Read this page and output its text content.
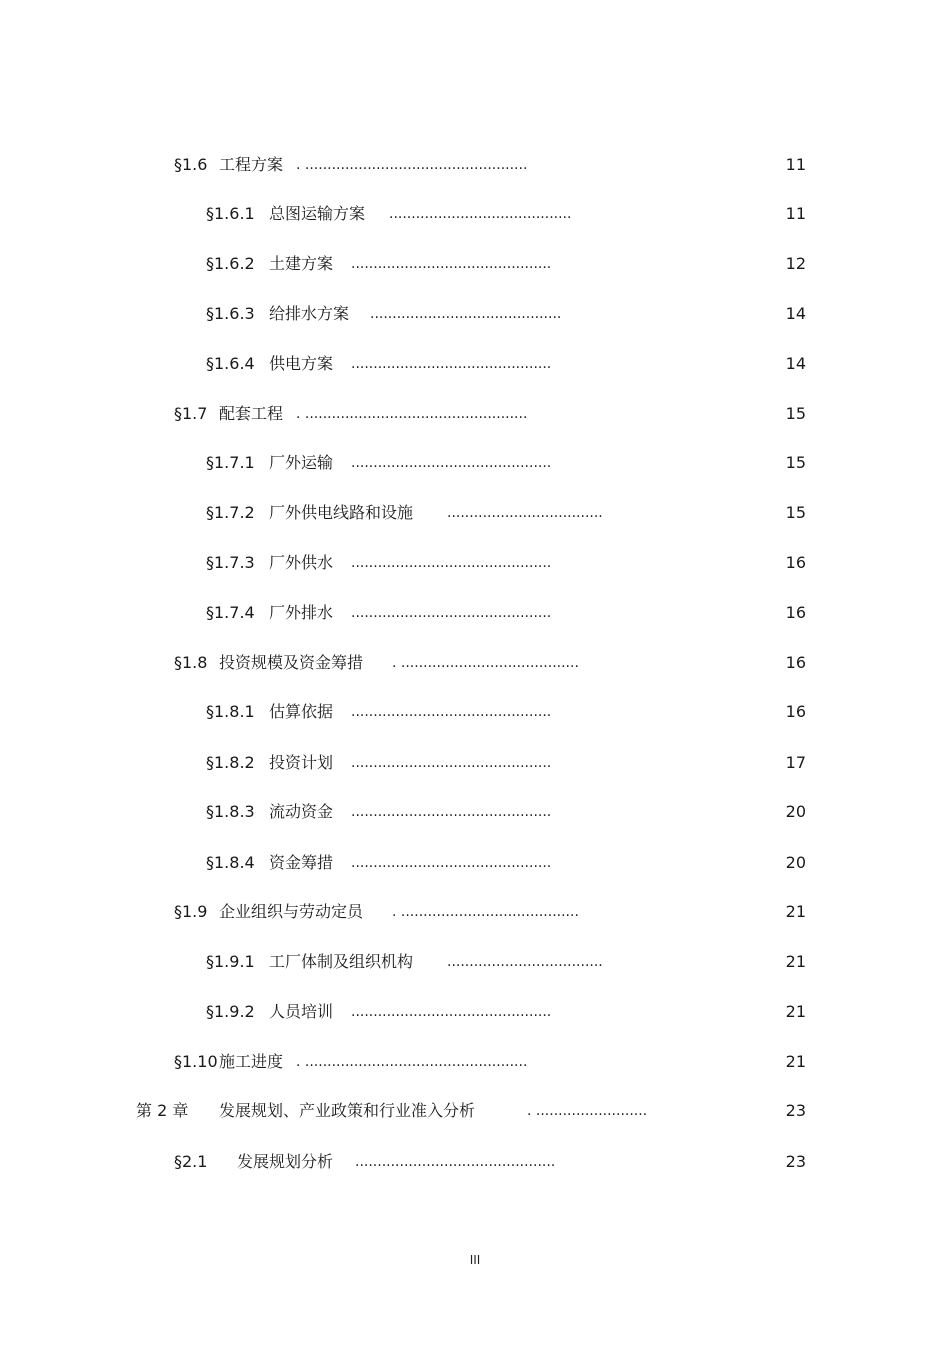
§1.6 工程方案 . ..................................................	11
§1.6.1 总图运输方案 .........................................	11
§1.6.2 土建方案 .............................................	12
§1.6.3 给排水方案 ...........................................	14
§1.6.4 供电方案 .............................................	14
§1.7 配套工程 . ..................................................	15
§1.7.1 厂外运输 .............................................	15
§1.7.2 厂外供电线路和设施 ...................................	15
§1.7.3 厂外供水 .............................................	16
§1.7.4 厂外排水 .............................................	16
§1.8 投资规模及资金筹措 . ........................................	16
§1.8.1 估算依据 .............................................	16
§1.8.2 投资计划 .............................................	17
§1.8.3 流动资金 .............................................	20
§1.8.4 资金筹措 .............................................	20
§1.9 企业组织与劳动定员 . ........................................	21
§1.9.1 工厂体制及组织机构 ...................................	21
§1.9.2 人员培训 .............................................	21
§1.10 施工进度 . ..................................................	21
第 2 章 发展规划、产业政策和行业准入分析	. .........................	23
§2.1 发展规划分析 .............................................	23
III
